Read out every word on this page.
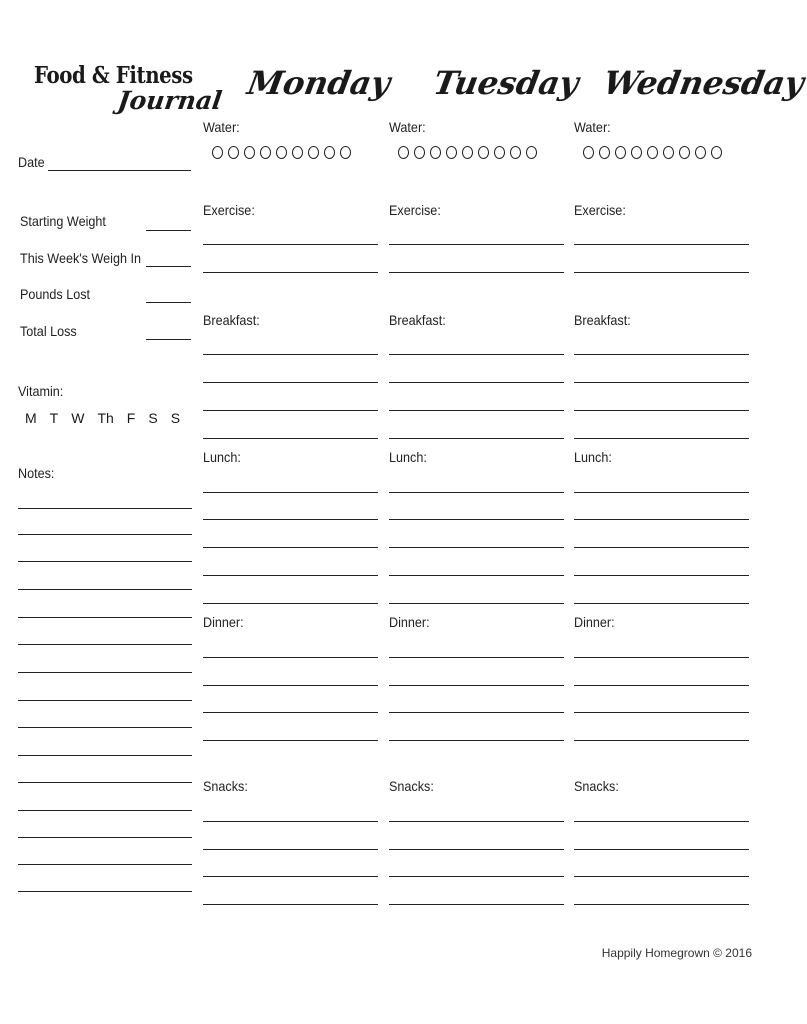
Food & Fitness
Journal
Date
Starting Weight
This Week's Weigh In
Pounds Lost
Total Loss
Vitamin:
M T W Th F S S
Notes:
Monday
Water:
Exercise:
Breakfast:
Lunch:
Dinner:
Snacks:
Tuesday
Water:
Exercise:
Breakfast:
Lunch:
Dinner:
Snacks:
Wednesday
Water:
Exercise:
Breakfast:
Lunch:
Dinner:
Snacks:
Happily Homegrown © 2016
